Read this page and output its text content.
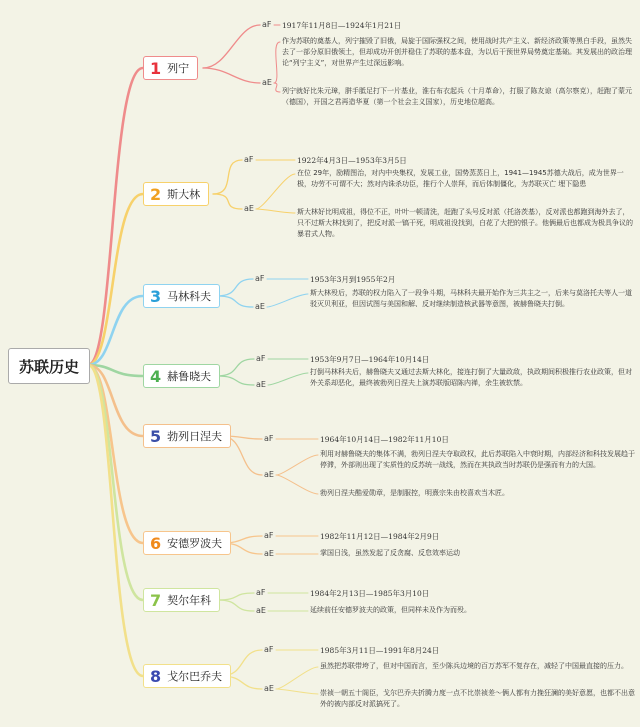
苏联历史
1 列宁
aF
aE
1917年11月8日—1924年1月21日

作为苏联的奠基人，列宁摧毁了旧俄，局旋于国际强权之间，使用战时共产主义、新经济政策等黑白手段，虽然失去了一部分原旧俄领土，但却成功开创并稳住了苏联的基本盘，为以后干预世界局势奠定基础。其发展出的政治理论“列宁主义”，对世界产生过深远影响。

列宁就好比朱元璋，胼手胝足打下一片基业，淮右布衣起兵（十月革命），打服了陈友谅（高尔察克），赶跑了蒙元（德国），开国之君再造华夏（第一个社会主义国家），历史地位超高。

2 斯大林
aF
aE
1922年4月3日—1953年3月5日

在位 29年，励精图治，对内中央集权，发展工业，国势蒸蒸日上，1941—1945苏德大战后，成为世界一极，功劳不可谓不大；然对内诛杀功臣，推行个人崇拜，而后体制僵化，为苏联灭亡 埋下隐患

斯大林好比明成祖，得位不正，叶叶一顿清洗，赶跑了头号反对派（托洛茨基），反对派也都跑到海外去了，只不过斯大林找到了，把反对派一镐干死，明成祖没找到，白花了大把的银子。他俩最后也都成为极具争议的暴君式人物。

3 马林科夫
aF
aE
1953年3月到1955年2月

斯大林殁后，苏联的权力陷入了一段争斗期，马林科夫最开始作为三共主之一，后来与莫洛托夫等人一道驳灭贝利亚，但因试图与美国和解、反对继续制造核武器等意图，被赫鲁晓夫打倒。

4 赫鲁晓夫
aF
aE
1953年9月7日—1964年10月14日

打倒马林科夫后，赫鲁晓夫又通过去斯大林化，接连打倒了大量政敌，执政期间积极推行农业政策，但对外关系却恶化，最终被勃列日涅夫上演苏联版昭陈内禅，余生被软禁。

5 勃列日涅夫	aF
aE
1964年10月14日—1982年11月10日

利用对赫鲁晓夫的集体不满，勃列日涅夫夺取政权，此后苏联陷入中衰时期，内部经济和科技发展趋于停滞，外部则出现了实质性的反苏统一战线，然而在其执政当时苏联仍是强而有力的大国。

勃列日涅夫酷爱勋章，是制服控，明熹宗朱由校喜欢当木匠。

6 安德罗波夫
aF
aE
1982年11月12日—1984年2月9日

掌国日浅，虽然发起了反贪腐、反怠效率运动

7 契尔年科
aF
aE
1984年2月13日—1985年3月10日

延续前任安德罗波夫的政策，但同样未及作为而殁。

8 戈尔巴乔夫
aF
aE
1985年3月11日—1991年8月24日

虽然把苏联带垮了，但对中国而言，至少陈兵边境的百万苏军不复存在，减轻了中国最直接的压力。

崇祯一朝五十阁臣，戈尔巴乔夫折腾力度一点不比崇祯差～俩人都有力挽狂澜的美好意愿，也都不出意外的被内部反对派搞死了。
